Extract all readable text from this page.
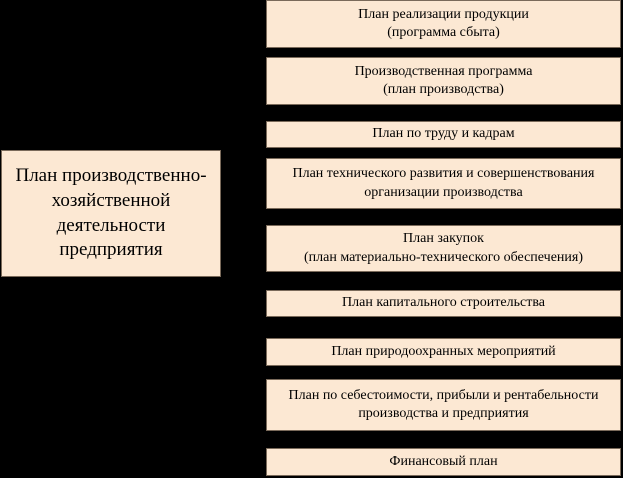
План производственно-
хозяйственной
деятельности
предприятия
План реализации продукции
(программа сбыта)
Производственная программа
(план производства)
План по труду и кадрам
План технического развития и совершенствования
организации производства
План закупок
(план материально-технического обеспечения)
План капитального строительства
План природоохранных мероприятий
План по себестоимости, прибыли и рентабельности
производства и предприятия
Финансовый план
